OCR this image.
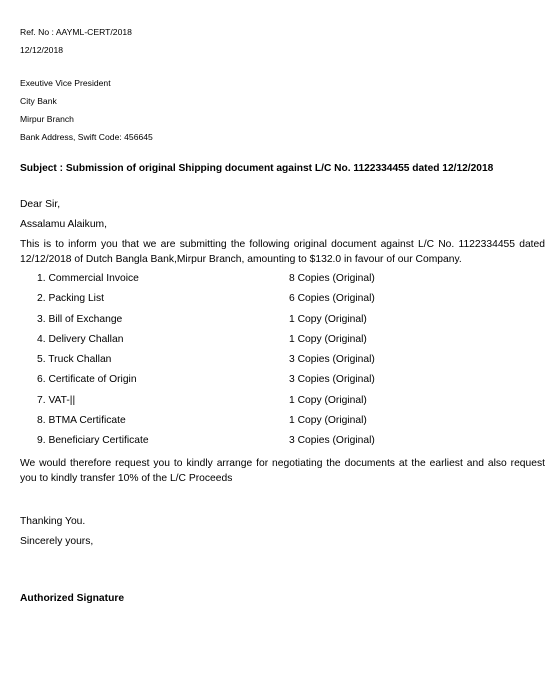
Ref. No : AAYML-CERT/2018
12/12/2018
Exeutive Vice President
City Bank
Mirpur Branch
Bank Address, Swift Code: 456645
Subject : Submission of original Shipping document against L/C No. 1122334455 dated 12/12/2018
Dear Sir,
Assalamu Alaikum,
This is to inform you that we are submitting the following original document against L/C No. 1122334455 dated 12/12/2018 of Dutch Bangla Bank,Mirpur Branch, amounting to $132.0 in favour of our Company.
1. Commercial Invoice	8 Copies (Original)
2. Packing List	6 Copies (Original)
3. Bill of Exchange	1 Copy (Original)
4. Delivery Challan	1 Copy (Original)
5. Truck Challan	3 Copies (Original)
6. Certificate of Origin	3 Copies (Original)
7. VAT-||	1 Copy (Original)
8. BTMA Certificate	1 Copy (Original)
9. Beneficiary Certificate	3 Copies (Original)
We would therefore request you to kindly arrange for negotiating the documents at the earliest and also request you to kindly transfer 10% of the L/C Proceeds
Thanking You.
Sincerely yours,
Authorized Signature
